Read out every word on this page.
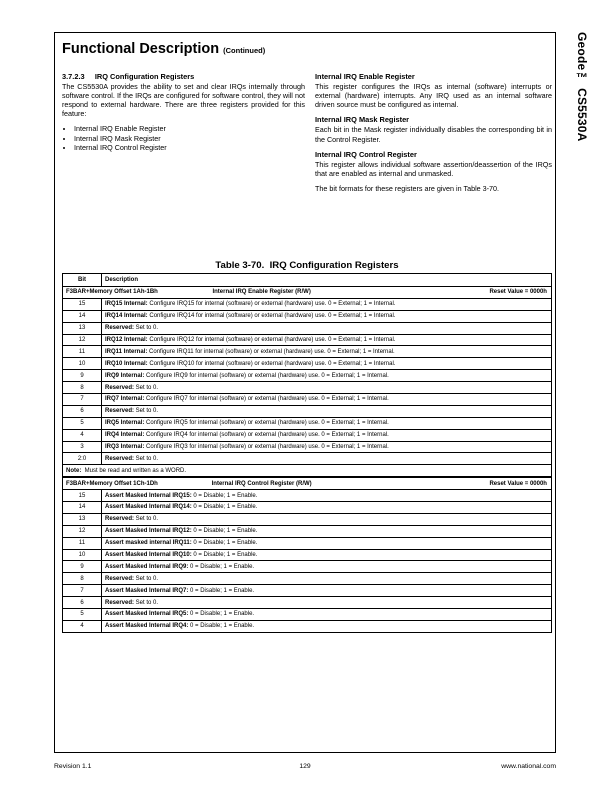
Geode™ CS5530A
Functional Description (Continued)
3.7.2.3     IRQ Configuration Registers

The CS5530A provides the ability to set and clear IRQs internally through software control. If the IRQs are configured for software control, they will not respond to external hardware. There are three registers provided for this feature:

• Internal IRQ Enable Register
• Internal IRQ Mask Register
• Internal IRQ Control Register
Internal IRQ Enable Register

This register configures the IRQs as internal (software) interrupts or external (hardware) interrupts. Any IRQ used as an internal software driven source must be configured as internal.

Internal IRQ Mask Register

Each bit in the Mask register individually disables the corresponding bit in the Control Register.

Internal IRQ Control Register

This register allows individual software assertion/deassertion of the IRQs that are enabled as internal and unmasked.

The bit formats for these registers are given in Table 3-70.

Table 3-70.  IRQ Configuration Registers
Bit	Description

F3BAR+Memory Offset 1Ah-1Bh Internal IRQ Enable Register (R/W) Reset Value = 0000h	

15	IRQ15 Internal: Configure IRQ15 for internal (software) or external (hardware) use. 0 = External; 1 = Internal.
14	IRQ14 Internal: Configure IRQ14 for internal (software) or external (hardware) use. 0 = External; 1 = Internal.
13	Reserved: Set to 0.
12	IRQ12 Internal: Configure IRQ12 for internal (software) or external (hardware) use. 0 = External; 1 = Internal.
11	IRQ11 Internal: Configure IRQ11 for internal (software) or external (hardware) use. 0 = External; 1 = Internal.
10	IRQ10 Internal: Configure IRQ10 for internal (software) or external (hardware) use. 0 = External; 1 = Internal.
9	IRQ9 Internal: Configure IRQ9 for internal (software) or external (hardware) use. 0 = External; 1 = Internal.
8	Reserved: Set to 0.
7	IRQ7 Internal: Configure IRQ7 for internal (software) or external (hardware) use. 0 = External; 1 = Internal.
6	Reserved: Set to 0.
5	IRQ5 Internal: Configure IRQ5 for internal (software) or external (hardware) use. 0 = External; 1 = Internal.
4	IRQ4 Internal: Configure IRQ4 for internal (software) or external (hardware) use. 0 = External; 1 = Internal.
3	IRQ3 Internal: Configure IRQ3 for internal (software) or external (hardware) use. 0 = External; 1 = Internal.
2:0	Reserved: Set to 0.
Note:  Must be read and written as a WORD.	

F3BAR+Memory Offset 1Ch-1Dh Internal IRQ Control Register (R/W) Reset Value = 0000h	

15	Assert Masked Internal IRQ15: 0 = Disable; 1 = Enable.
14	Assert Masked Internal IRQ14: 0 = Disable; 1 = Enable.
13	Reserved: Set to 0.
12	Assert Masked Internal IRQ12: 0 = Disable; 1 = Enable.
11	Assert masked internal IRQ11: 0 = Disable; 1 = Enable.
10	Assert Masked Internal IRQ10: 0 = Disable; 1 = Enable.
9	Assert Masked Internal IRQ9: 0 = Disable; 1 = Enable.
8	Reserved: Set to 0.
7	Assert Masked Internal IRQ7: 0 = Disable; 1 = Enable.
6	Reserved: Set to 0.
5	Assert Masked Internal IRQ5: 0 = Disable; 1 = Enable.
4	Assert Masked Internal IRQ4: 0 = Disable; 1 = Enable.
Revision 1.1	129	www.national.com
